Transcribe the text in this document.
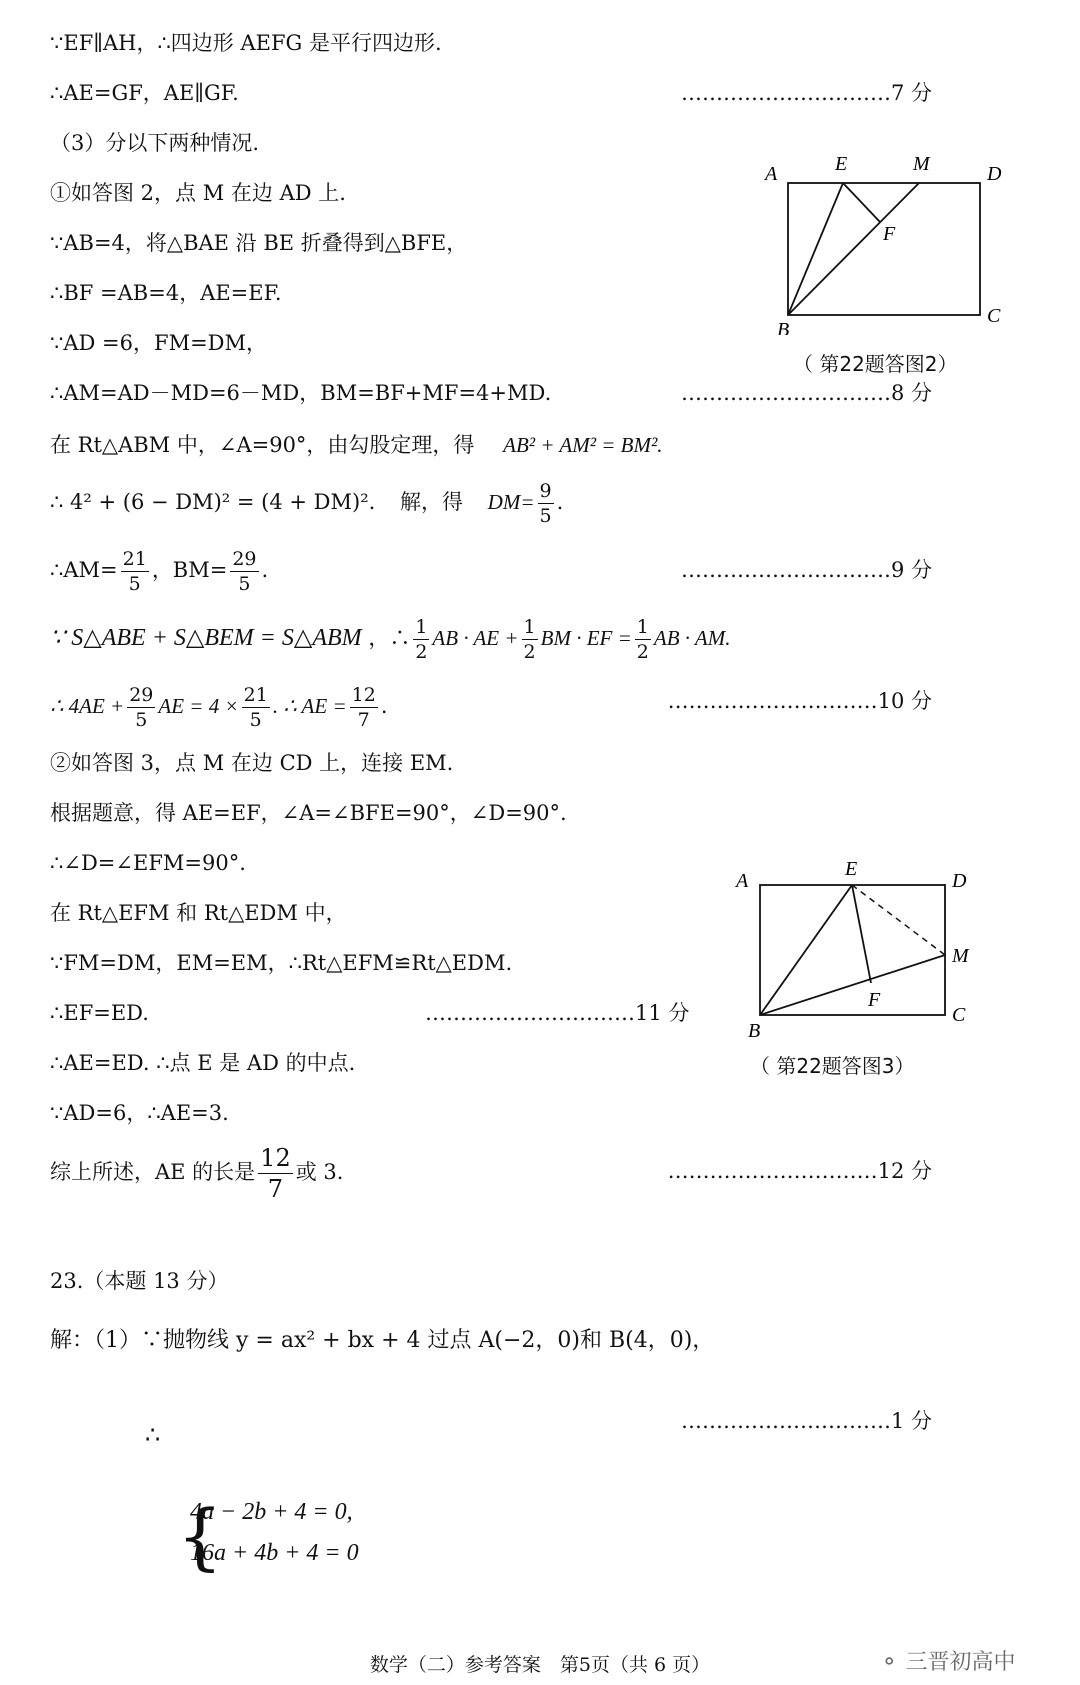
∵EF∥AH，∴四边形 AEFG 是平行四边形.
∴AE=GF，AE∥GF.	…………………………7 分
（3）分以下两种情况.
①如答图 2，点 M 在边 AD 上.
∵AB=4，将△BAE 沿 BE 折叠得到△BFE，
∴BF =AB=4，AE=EF.
∵AD =6，FM=DM，
∴AM=AD－MD=6－MD，BM=BF+MF=4+MD.	…………………………8 分
在 Rt△ABM 中，∠A=90°，由勾股定理，得 AB² + AM² = BM².
∴ 4² + (6 − DM)² = (4 + DM)². 解，得 $DM= \frac{9}{5}$ .
∴AM= $\frac{21}{5}$ ，$BM= \frac{29}{5}$ .	…………………………9 分
∵ S△ABE + S△BEM = S△ABM ，∴ $\frac{1}{2}$ AB · AE + $\frac{1}{2}$ BM · EF = $\frac{1}{2}$ AB · AM.
∴ $4AE + \frac{29}{5}$ AE = $4 \times \frac{21}{5}$ . ∴ AE = $\frac{12}{7}$ .	…………………………10 分
②如答图 3，点 M 在边 CD 上，连接 EM.
根据题意，得 AE=EF，∠A=∠BFE=90°，∠D=90°.
∴∠D=∠EFM=90°.
在 Rt△EFM 和 Rt△EDM 中，
∵FM=DM，EM=EM，∴Rt△EFM≌Rt△EDM.
∴EF=ED.	…………………………11 分
∴AE=ED. ∴点 E 是 AD 的中点.
∵AD=6，∴AE=3.
综上所述，AE 的长是 $\frac{12}{7}$ 或 3.	…………………………12 分
23.（本题 13 分）
解：（1）∵抛物线 y = ax² + bx + 4 过点 A(−2，0)和 B(4，0)，
∴
{
4a − 2b + 4 = 0,
16a + 4b + 4 = 0
…………………………1 分
A	E	M	D
F
B
C
（ 第22题答图2）
A
E
D
M
F
B
C
（ 第22题答图3）
数学（二）参考答案　第5页（共 6 页）	⚬ 三晋初高中
